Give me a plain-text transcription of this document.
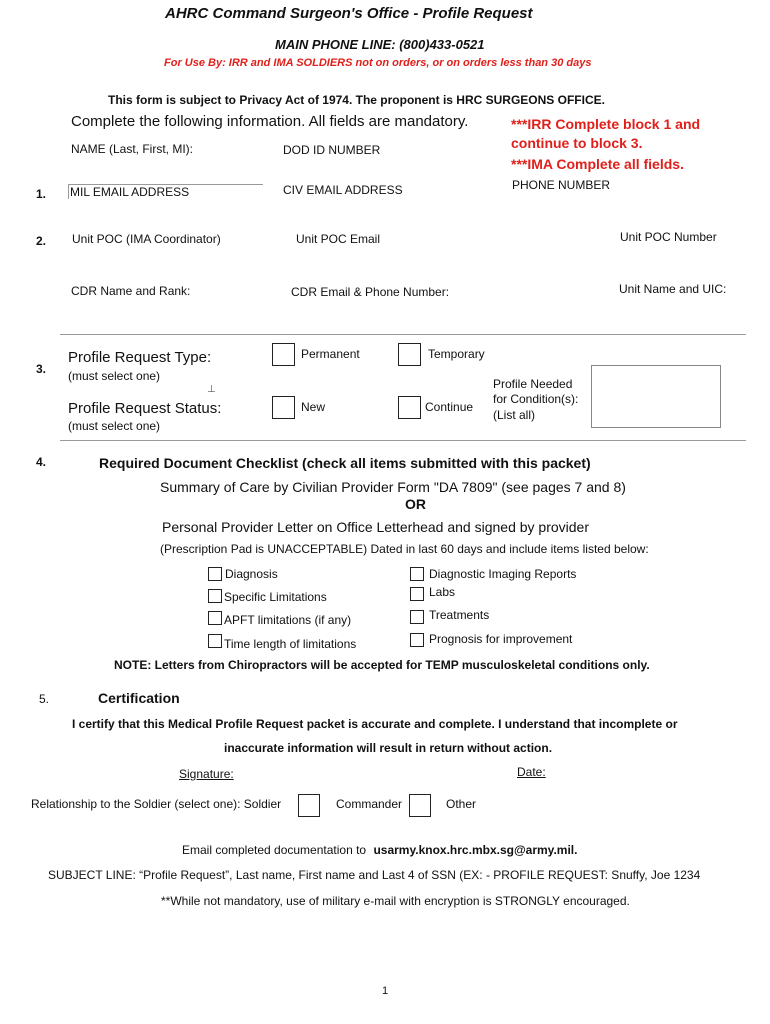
AHRC Command Surgeon's Office - Profile Request
MAIN PHONE LINE: (800)433-0521
For Use By: IRR and IMA SOLDIERS not on orders, or on orders less than 30 days
This form is subject to Privacy Act of 1974. The proponent is HRC SURGEONS OFFICE.
Complete the following information. All fields are mandatory.	***IRR Complete block 1 and
continue to block 3.
***IMA Complete all fields.
1.
NAME (Last, First, MI):	DOD ID NUMBER
MIL EMAIL ADDRESS	CIV EMAIL ADDRESS	PHONE NUMBER
2. Unit POC (IMA Coordinator)	Unit POC Email	Unit POC Number
CDR Name and Rank:	CDR Email & Phone Number:	Unit Name and UIC:
3.
Profile Request Type:
(must select one)
Profile Request Status:
(must select one)
⊥
Permanent	Temporary
New	Continue
Profile Needed
for Condition(s):
(List all)
4.	Required Document Checklist (check all items submitted with this packet)
Summary of Care by Civilian Provider Form "DA 7809" (see pages 7 and 8)
OR
Personal Provider Letter on Office Letterhead and signed by provider
(Prescription Pad is UNACCEPTABLE) Dated in last 60 days and include items listed below:
Diagnosis
Specific Limitations
APFT limitations (if any)
Time length of limitations
Diagnostic Imaging Reports
Labs
Treatments
Prognosis for improvement
NOTE: Letters from Chiropractors will be accepted for TEMP musculoskeletal conditions only.
5.	Certification
I certify that this Medical Profile Request packet is accurate and complete. I understand that incomplete or
inaccurate information will result in return without action.
Signature:	Date:
Relationship to the Soldier (select one): Soldier	Commander	Other
Email completed documentation to usarmy.knox.hrc.mbx.sg@army.mil.
SUBJECT LINE: “Profile Request”, Last name, First name and Last 4 of SSN (EX: - PROFILE REQUEST: Snuffy, Joe 1234
**While not mandatory, use of military e-mail with encryption is STRONGLY encouraged.
1
